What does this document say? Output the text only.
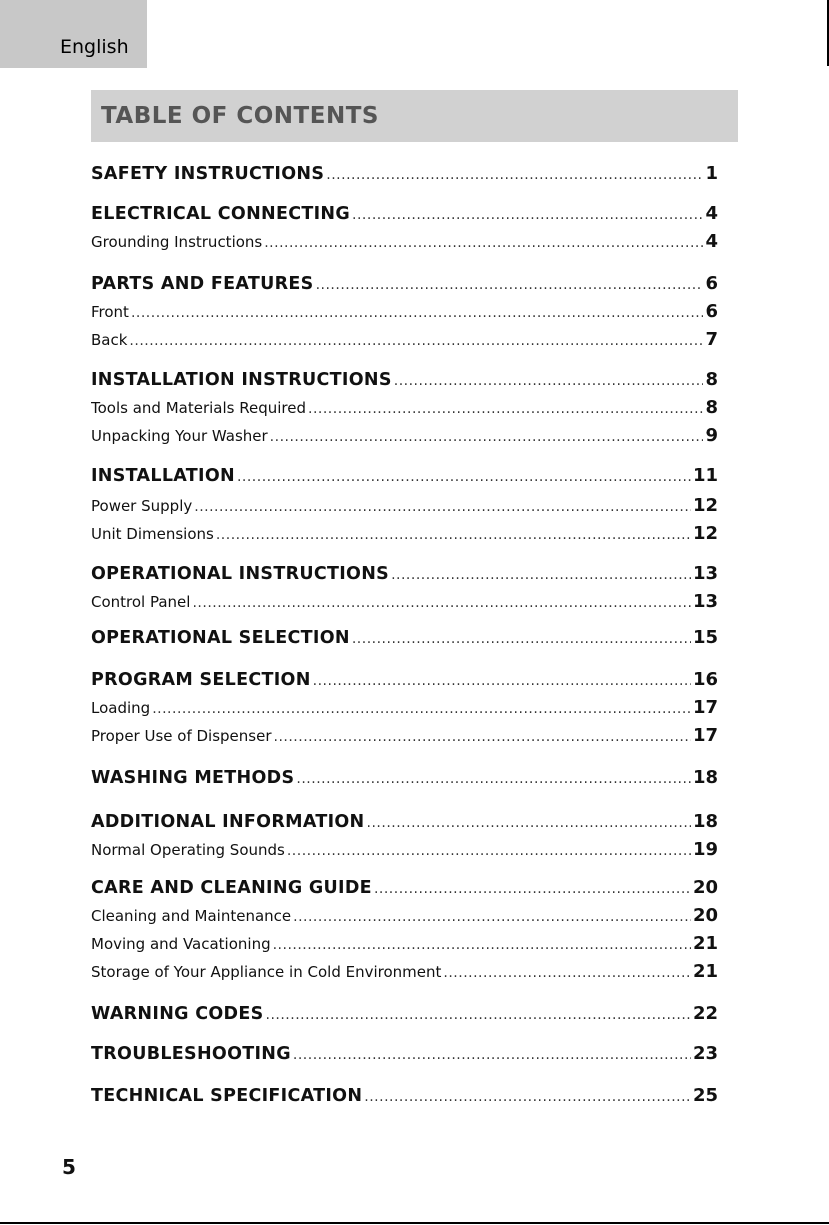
English
TABLE OF CONTENTS
SAFETY INSTRUCTIONS .....	1
ELECTRICAL CONNECTING .....	4
Grounding Instructions .....	4
PARTS AND FEATURES .....	6
Front .....	6
Back .....	7
INSTALLATION INSTRUCTIONS .....	8
Tools and Materials Required .....	8
Unpacking Your Washer .....	9
INSTALLATION .....	11
Power Supply .....	12
Unit Dimensions .....	12
OPERATIONAL INSTRUCTIONS .....	13
Control Panel .....	13
OPERATIONAL SELECTION .....	15
PROGRAM SELECTION .....	16
Loading .....	17
Proper Use of Dispenser .....	17
WASHING METHODS .....	18
ADDITIONAL INFORMATION .....	18
Normal Operating Sounds .....	19
CARE AND CLEANING GUIDE .....	20
Cleaning and Maintenance .....	20
Moving and Vacationing .....	21
Storage of Your Appliance in Cold Environment .....	21
WARNING CODES .....	22
TROUBLESHOOTING .....	23
TECHNICAL SPECIFICATION .....	25
5
